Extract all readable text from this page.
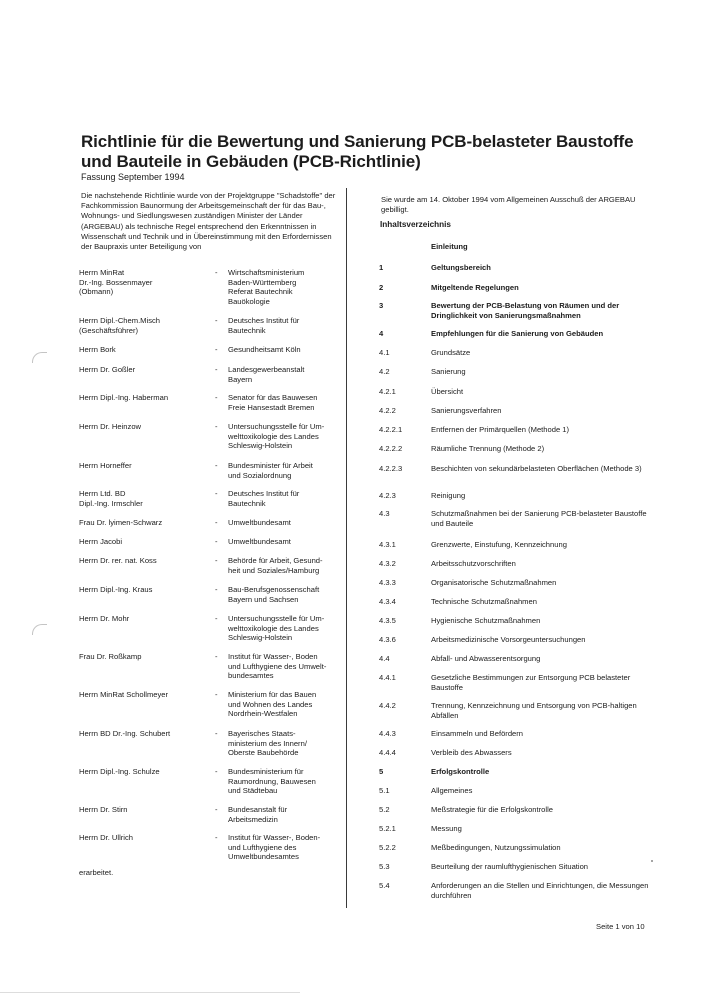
Richtlinie für die Bewertung und Sanierung PCB-belasteter Baustoffe und Bauteile in Gebäuden (PCB-Richtlinie)
Fassung September 1994
Die nachstehende Richtlinie wurde von der Projektgruppe "Schadstoffe" der Fachkommission Baunormung der Arbeitsgemeinschaft der für das Bau-, Wohnungs- und Siedlungswesen zuständigen Minister der Länder (ARGEBAU) als technische Regel entsprechend den Erkenntnissen in Wissenschaft und Technik und in Übereinstimmung mit den Erfordernissen der Baupraxis unter Beteiligung von
Herrn MinRat
Dr.-Ing. Bossenmayer
(Obmann)
- Wirtschaftsministerium
Baden-Württemberg
Referat Bautechnik
Bauökologie
Herrn Dipl.-Chem.Misch
(Geschäftsführer)
- Deutsches Institut für
Bautechnik
Herrn Bork	- Gesundheitsamt Köln
Herrn Dr. Goßler	- Landesgewerbeanstalt
Bayern
Herrn Dipl.-Ing. Haberman	- Senator für das Bauwesen
Freie Hansestadt Bremen
Herrn Dr. Heinzow	- Untersuchungsstelle für Um-
welttoxikologie des Landes
Schleswig-Holstein
Herrn Horneffer	- Bundesminister für Arbeit
und Sozialordnung
Herrn Ltd. BD
Dipl.-Ing. Irmschler
- Deutsches Institut für
Bautechnik
Frau Dr. lyimen-Schwarz	- Umweltbundesamt
Herrn Jacobi	- Umweltbundesamt
Herrn Dr. rer. nat. Koss	- Behörde für Arbeit, Gesund-
heit und Soziales/Hamburg
Herrn Dipl.-Ing. Kraus	- Bau-Berufsgenossenschaft
Bayern und Sachsen
Herrn Dr. Mohr	- Untersuchungsstelle für Um-
welttoxikologie des Landes
Schleswig-Holstein
Frau Dr. Roßkamp	- Institut für Wasser-, Boden
und Lufthygiene des Umwelt-
bundesamtes
Herrn MinRat Schollmeyer	- Ministerium für das Bauen
und Wohnen des Landes
Nordrhein-Westfalen
Herrn BD Dr.-Ing. Schubert	- Bayerisches Staats-
ministerium des Innern/
Oberste Baubehörde
Herrn Dipl.-Ing. Schulze	- Bundesministerium für
Raumordnung, Bauwesen
und Städtebau
Herrn Dr. Stirn	- Bundesanstalt für
Arbeitsmedizin
Herrn Dr. Ullrich	- Institut für Wasser-, Boden-
und Lufthygiene des
Umweltbundesamtes
erarbeitet.
Sie wurde am 14. Oktober 1994 vom Allgemeinen Ausschuß der ARGEBAU gebilligt.
Inhaltsverzeichnis
Einleitung
1	Geltungsbereich
2	Mitgeltende Regelungen
3	Bewertung der PCB-Belastung von Räumen und der Dringlichkeit von Sanierungsmaßnahmen
4	Empfehlungen für die Sanierung von Gebäuden
4.1	Grundsätze
4.2	Sanierung
4.2.1	Übersicht
4.2.2	Sanierungsverfahren
4.2.2.1	Entfernen der Primärquellen (Methode 1)
4.2.2.2	Räumliche Trennung (Methode 2)
4.2.2.3	Beschichten von sekundärbelasteten Oberflächen (Methode 3)
4.2.3	Reinigung
4.3	Schutzmaßnahmen bei der Sanierung PCB-belasteter Baustoffe und Bauteile
4.3.1	Grenzwerte, Einstufung, Kennzeichnung
4.3.2	Arbeitsschutzvorschriften
4.3.3	Organisatorische Schutzmaßnahmen
4.3.4	Technische Schutzmaßnahmen
4.3.5	Hygienische Schutzmaßnahmen
4.3.6	Arbeitsmedizinische Vorsorgeuntersuchungen
4.4	Abfall- und Abwasserentsorgung
4.4.1	Gesetzliche Bestimmungen zur Entsorgung PCB belasteter Baustoffe
4.4.2	Trennung, Kennzeichnung und Entsorgung von PCB-haltigen Abfällen
4.4.3	Einsammeln und Befördern
4.4.4	Verbleib des Abwassers
5	Erfolgskontrolle
5.1	Allgemeines
5.2	Meßstrategie für die Erfolgskontrolle
5.2.1	Messung
5.2.2	Meßbedingungen, Nutzungssimulation
5.3	Beurteilung der raumlufthygienischen Situation
5.4	Anforderungen an die Stellen und Einrichtungen, die Messungen durchführen
Seite 1 von 10
